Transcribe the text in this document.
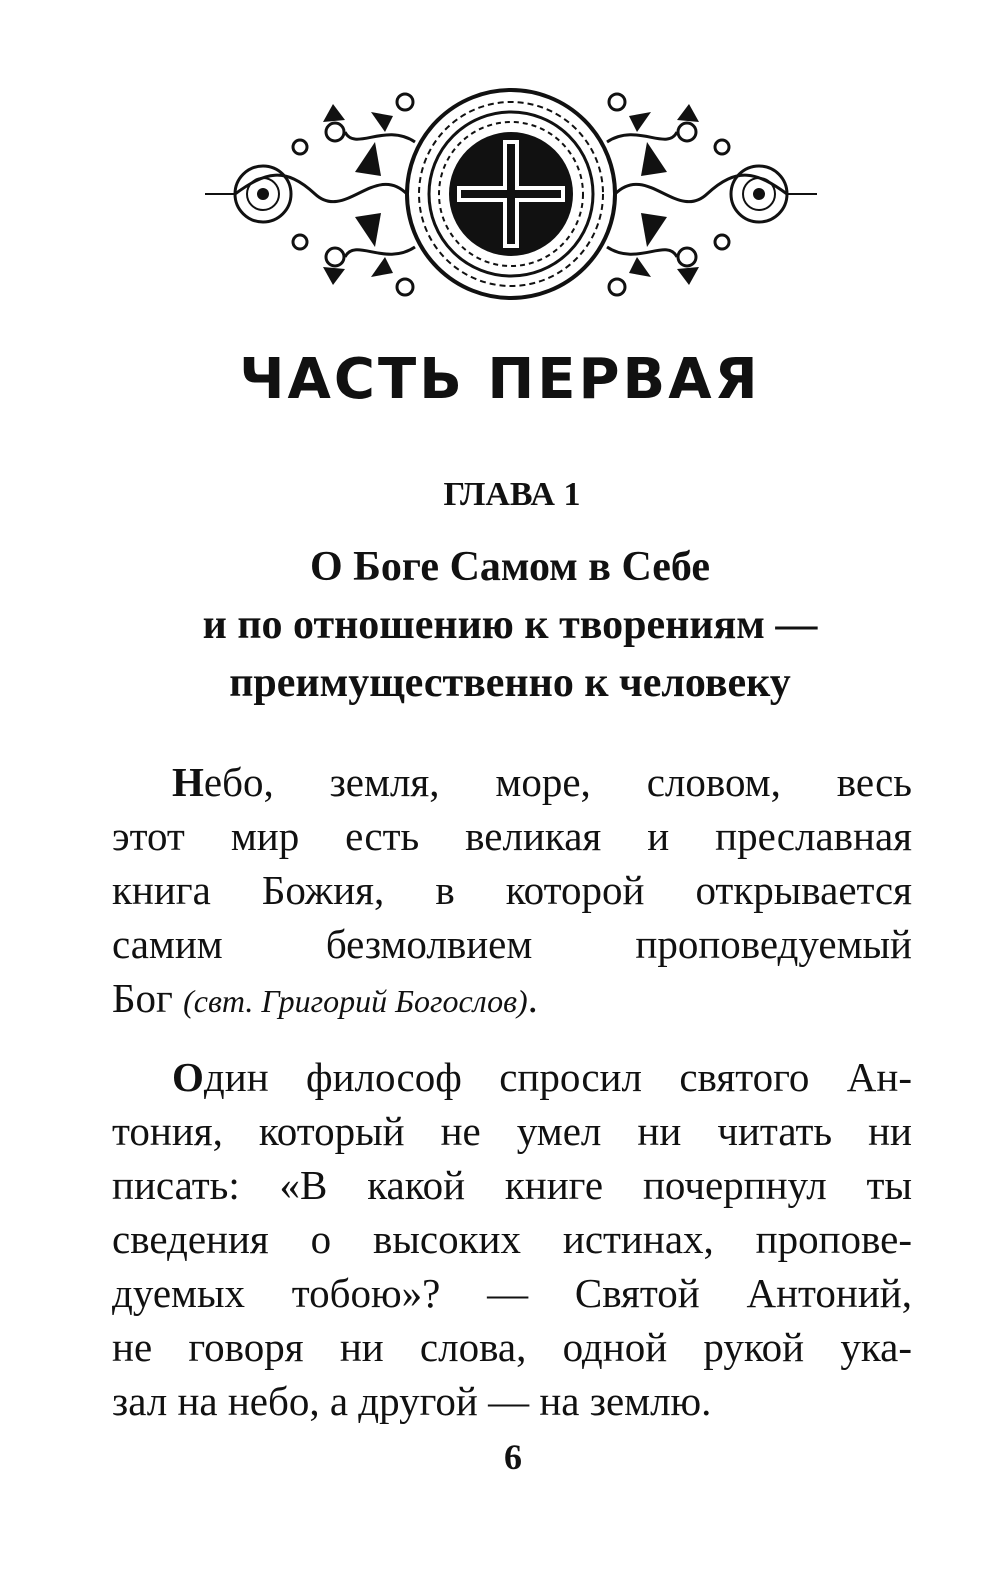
ЧАСТЬ ПЕРВАЯ
ГЛАВА 1
О Боге Самом в Себе
и по отношению к творениям —
преимущественно к человеку
Небо, земля, море, словом, весь
этот мир есть великая и преславная
книга Божия, в которой открывается
самим безмолвием проповедуемый
Бог (свт. Григорий Богослов).
Один философ спросил святого Ан-
тония, который не умел ни читать ни
писать: «В какой книге почерпнул ты
сведения о высоких истинах, пропове-
дуемых тобою»? — Святой Антоний,
не говоря ни слова, одной рукой ука-
зал на небо, а другой — на землю.
6
